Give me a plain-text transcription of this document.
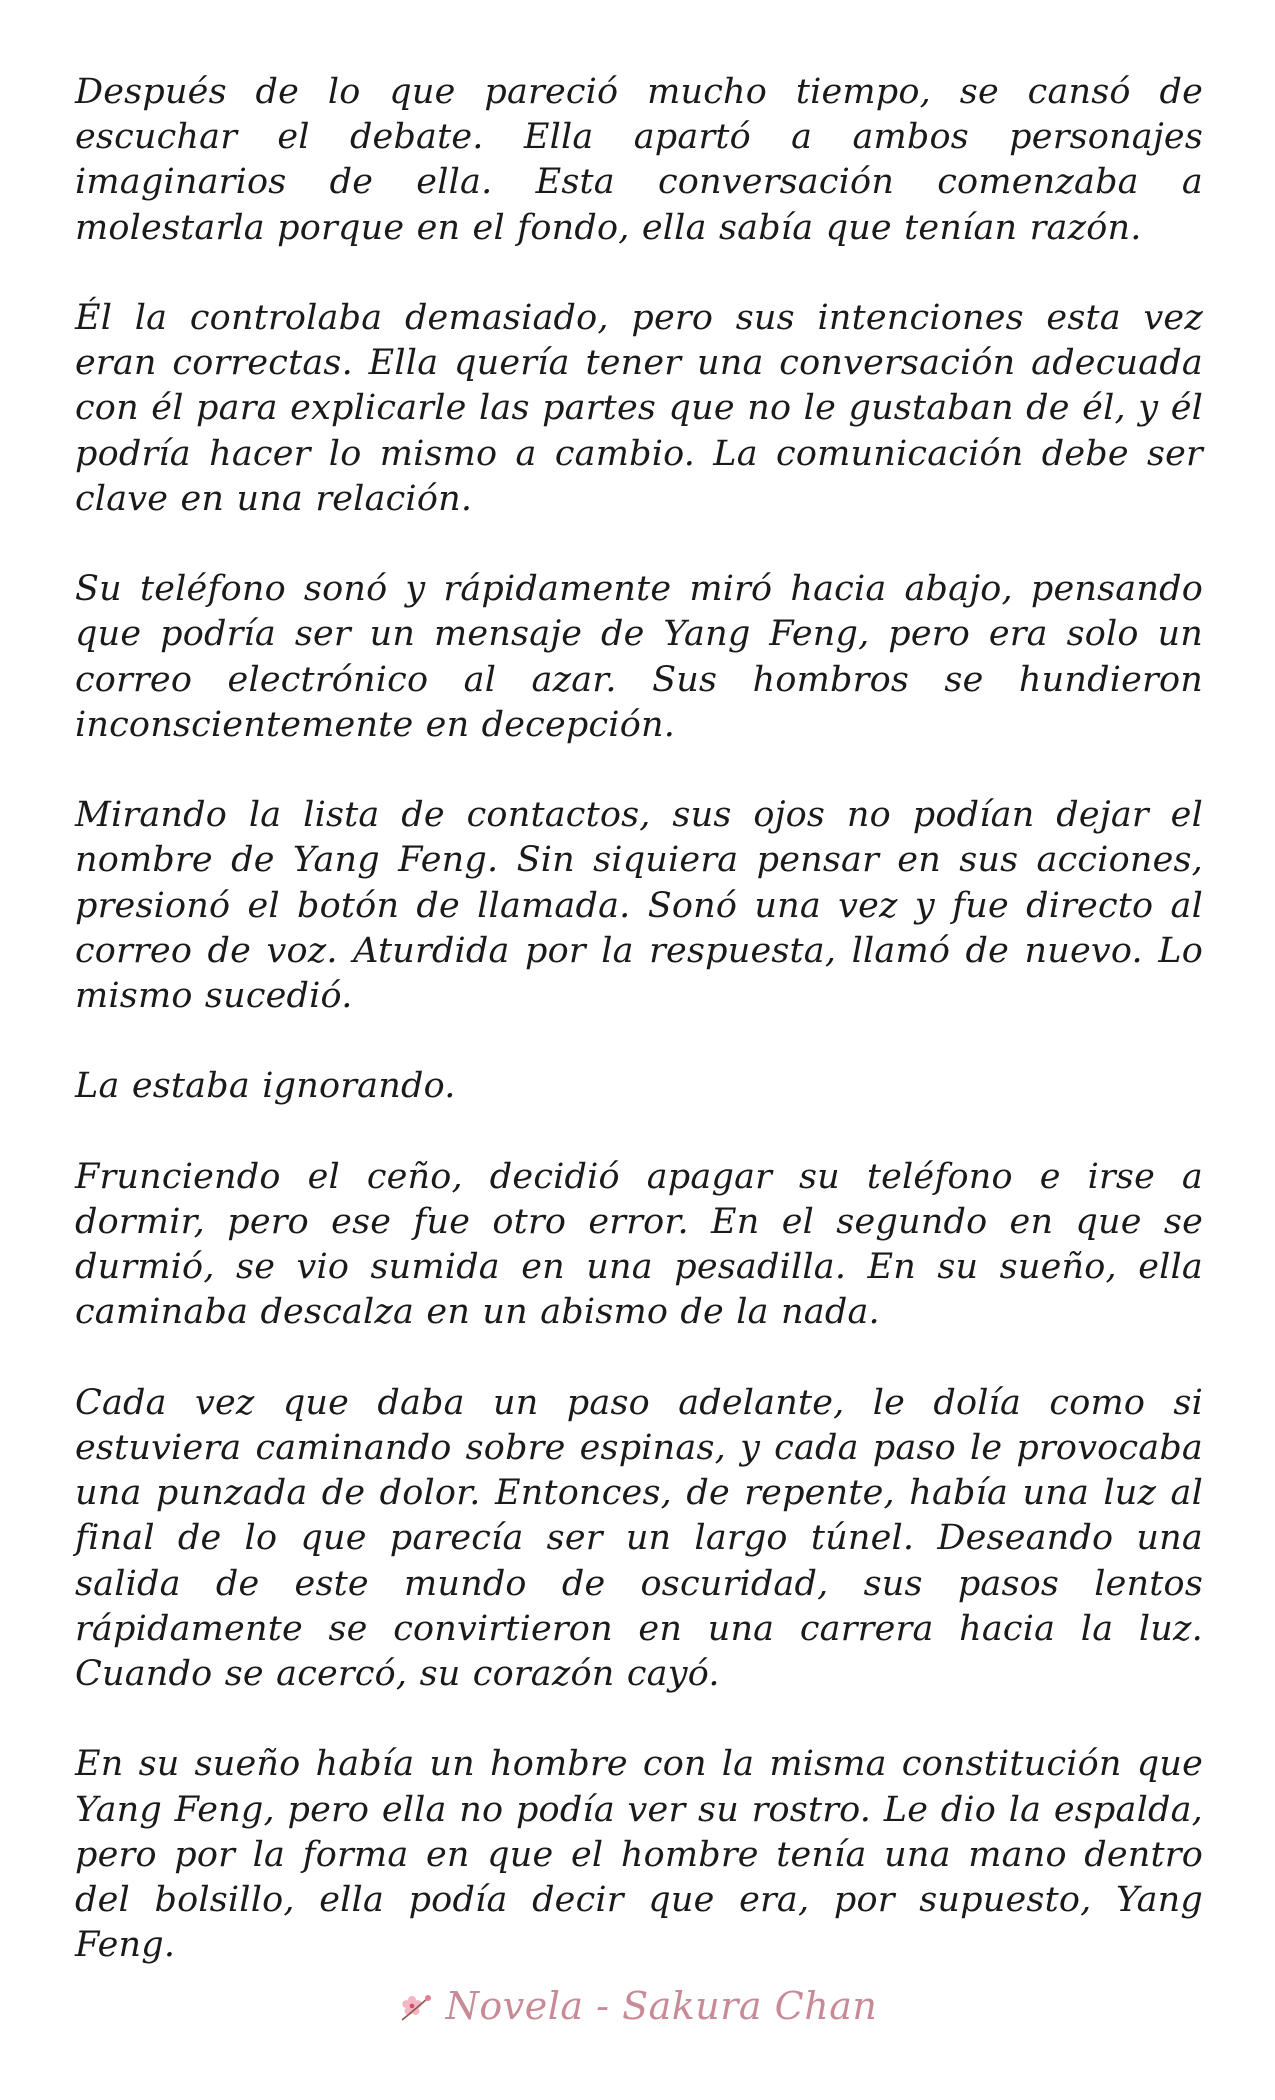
Después de lo que pareció mucho tiempo, se cansó de escuchar el debate. Ella apartó a ambos personajes imaginarios de ella. Esta conversación comenzaba a molestarla porque en el fondo, ella sabía que tenían razón.

Él la controlaba demasiado, pero sus intenciones esta vez eran correctas. Ella quería tener una conversación adecuada con él para explicarle las partes que no le gustaban de él, y él podría hacer lo mismo a cambio. La comunicación debe ser clave en una relación.

Su teléfono sonó y rápidamente miró hacia abajo, pensando que podría ser un mensaje de Yang Feng, pero era solo un correo electrónico al azar. Sus hombros se hundieron inconscientemente en decepción.

Mirando la lista de contactos, sus ojos no podían dejar el nombre de Yang Feng. Sin siquiera pensar en sus acciones, presionó el botón de llamada. Sonó una vez y fue directo al correo de voz. Aturdida por la respuesta, llamó de nuevo. Lo mismo sucedió.

La estaba ignorando.

Frunciendo el ceño, decidió apagar su teléfono e irse a dormir, pero ese fue otro error. En el segundo en que se durmió, se vio sumida en una pesadilla. En su sueño, ella caminaba descalza en un abismo de la nada.

Cada vez que daba un paso adelante, le dolía como si estuviera caminando sobre espinas, y cada paso le provocaba una punzada de dolor. Entonces, de repente, había una luz al final de lo que parecía ser un largo túnel. Deseando una salida de este mundo de oscuridad, sus pasos lentos rápidamente se convirtieron en una carrera hacia la luz. Cuando se acercó, su corazón cayó.

En su sueño había un hombre con la misma constitución que Yang Feng, pero ella no podía ver su rostro. Le dio la espalda, pero por la forma en que el hombre tenía una mano dentro del bolsillo, ella podía decir que era, por supuesto, Yang Feng.

Novela - Sakura Chan
